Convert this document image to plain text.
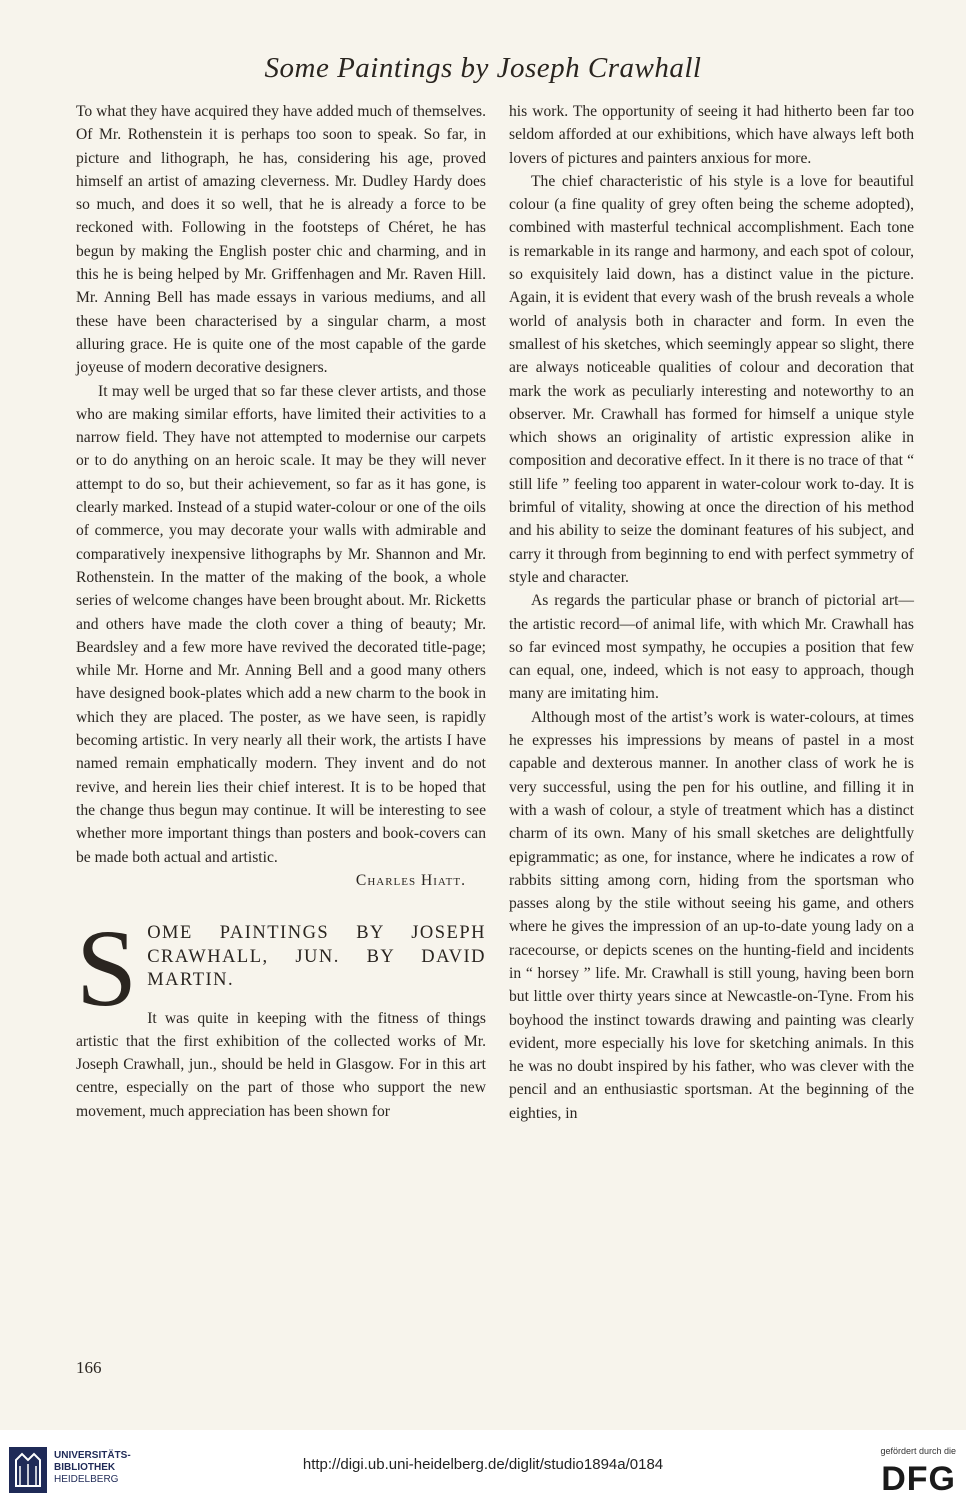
Some Paintings by Joseph Crawhall

To what they have acquired they have added much of themselves. Of Mr. Rothenstein it is perhaps too soon to speak. So far, in picture and lithograph, he has, considering his age, proved himself an artist of amazing cleverness. Mr. Dudley Hardy does so much, and does it so well, that he is already a force to be reckoned with. Following in the footsteps of Chéret, he has begun by making the English poster chic and charming, and in this he is being helped by Mr. Griffenhagen and Mr. Raven Hill. Mr. Anning Bell has made essays in various mediums, and all these have been characterised by a singular charm, a most alluring grace. He is quite one of the most capable of the garde joyeuse of modern decorative designers.

It may well be urged that so far these clever artists, and those who are making similar efforts, have limited their activities to a narrow field. They have not attempted to modernise our carpets or to do anything on an heroic scale. It may be they will never attempt to do so, but their achievement, so far as it has gone, is clearly marked. Instead of a stupid water-colour or one of the oils of commerce, you may decorate your walls with admirable and comparatively inexpensive lithographs by Mr. Shannon and Mr. Rothenstein. In the matter of the making of the book, a whole series of welcome changes have been brought about. Mr. Ricketts and others have made the cloth cover a thing of beauty; Mr. Beardsley and a few more have revived the decorated title-page; while Mr. Horne and Mr. Anning Bell and a good many others have designed book-plates which add a new charm to the book in which they are placed. The poster, as we have seen, is rapidly becoming artistic. In very nearly all their work, the artists I have named remain emphatically modern. They invent and do not revive, and herein lies their chief interest. It is to be hoped that the change thus begun may continue. It will be interesting to see whether more important things than posters and book-covers can be made both actual and artistic.

Charles Hiatt.

S OME PAINTINGS BY JOSEPH CRAWHALL, JUN. BY DAVID MARTIN.

It was quite in keeping with the fitness of things artistic that the first exhibition of the collected works of Mr. Joseph Crawhall, jun., should be held in Glasgow. For in this art centre, especially on the part of those who support the new movement, much appreciation has been shown for

his work. The opportunity of seeing it had hitherto been far too seldom afforded at our exhibitions, which have always left both lovers of pictures and painters anxious for more.

The chief characteristic of his style is a love for beautiful colour (a fine quality of grey often being the scheme adopted), combined with masterful technical accomplishment. Each tone is remarkable in its range and harmony, and each spot of colour, so exquisitely laid down, has a distinct value in the picture. Again, it is evident that every wash of the brush reveals a whole world of analysis both in character and form. In even the smallest of his sketches, which seemingly appear so slight, there are always noticeable qualities of colour and decoration that mark the work as peculiarly interesting and noteworthy to an observer. Mr. Crawhall has formed for himself a unique style which shows an originality of artistic expression alike in composition and decorative effect. In it there is no trace of that “ still life ” feeling too apparent in water-colour work to-day. It is brimful of vitality, showing at once the direction of his method and his ability to seize the dominant features of his subject, and carry it through from beginning to end with perfect symmetry of style and character.

As regards the particular phase or branch of pictorial art—the artistic record—of animal life, with which Mr. Crawhall has so far evinced most sympathy, he occupies a position that few can equal, one, indeed, which is not easy to approach, though many are imitating him.

Although most of the artist’s work is water-colours, at times he expresses his impressions by means of pastel in a most capable and dexterous manner. In another class of work he is very successful, using the pen for his outline, and filling it in with a wash of colour, a style of treatment which has a distinct charm of its own. Many of his small sketches are delightfully epigrammatic; as one, for instance, where he indicates a row of rabbits sitting among corn, hiding from the sportsman who passes along by the stile without seeing his game, and others where he gives the impression of an up-to-date young lady on a racecourse, or depicts scenes on the hunting-field and incidents in “ horsey ” life. Mr. Crawhall is still young, having been born but little over thirty years since at Newcastle-on-Tyne. From his boyhood the instinct towards drawing and painting was clearly evident, more especially his love for sketching animals. In this he was no doubt inspired by his father, who was clever with the pencil and an enthusiastic sportsman. At the beginning of the eighties, in

166
UNIVERSITÄTS-
BIBLIOTHEK
HEIDELBERG
http://digi.ub.uni-heidelberg.de/diglit/studio1894a/0184
gefördert durch die
DFG
